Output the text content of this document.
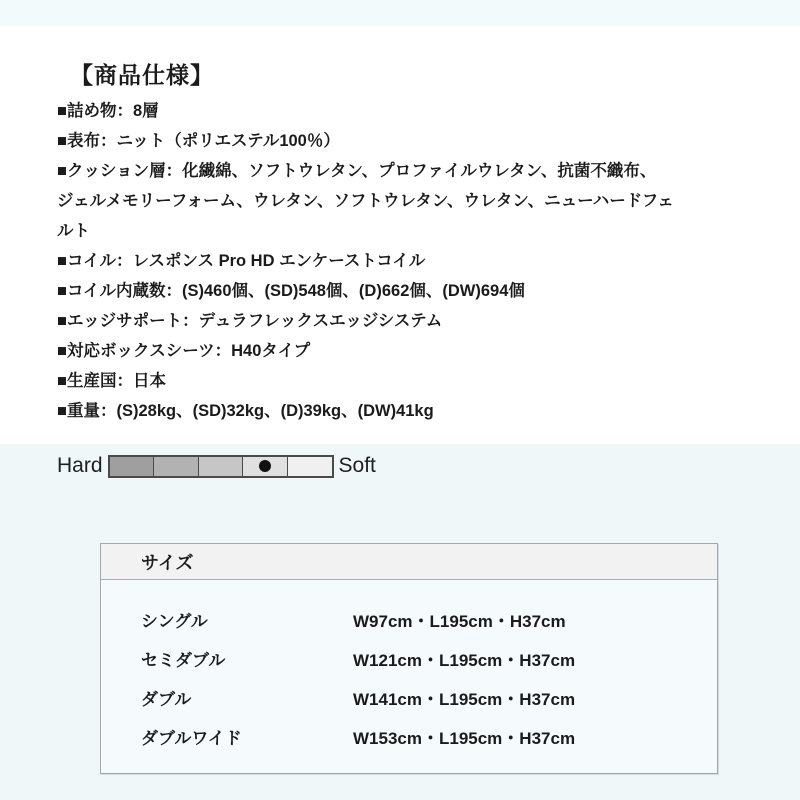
【商品仕様】
■詰め物：8層
■表布：ニット（ポリエステル100％）
■クッション層：化繊綿、ソフトウレタン、プロファイルウレタン、抗菌不織布、
ジェルメモリーフォーム、ウレタン、ソフトウレタン、ウレタン、ニューハードフェ
ルト
■コイル：レスポンス Pro HD エンケーストコイル
■コイル内蔵数：(S)460個、(SD)548個、(D)662個、(DW)694個
■エッジサポート：デュラフレックスエッジシステム
■対応ボックスシーツ：H40タイプ
■生産国：日本
■重量：(S)28kg、(SD)32kg、(D)39kg、(DW)41kg
Hard	Soft
サイズ
シングル	W97cm・L195cm・H37cm
セミダブル	W121cm・L195cm・H37cm
ダブル	W141cm・L195cm・H37cm
ダブルワイド	W153cm・L195cm・H37cm
